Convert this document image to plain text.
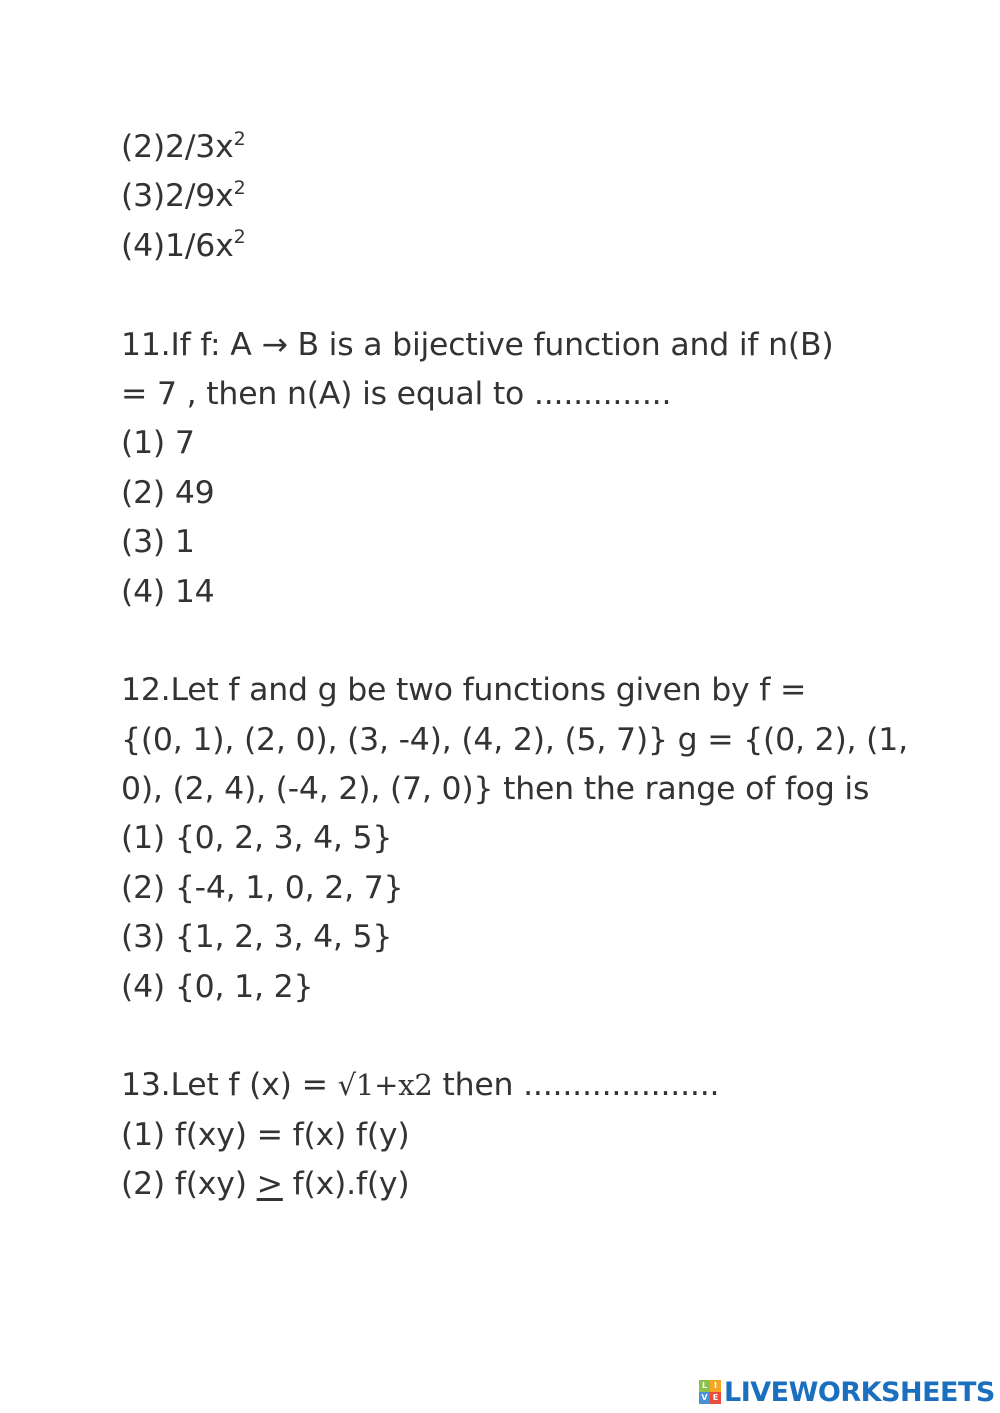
$(2)2/3x^2$
$(3)2/9x^2$
$(4)1/6x^2$
11.If f: A → B is a bijective function and if n(B)
= 7 , then n(A) is equal to ..............
(1) 7
(2) 49
(3) 1
(4) 14
12.Let f and g be two functions given by f =
{(0, 1), (2, 0), (3, -4), (4, 2), (5, 7)} g = {(0, 2), (1,
0), (2, 4), (-4, 2), (7, 0)} then the range of fog is
(1) {0, 2, 3, 4, 5}
(2) {-4, 1, 0, 2, 7}
(3) {1, 2, 3, 4, 5}
(4) {0, 1, 2}
13.Let f (x) = √1+x2 then ....................
(1) f(xy) = f(x) f(y)
(2) f(xy) ≥ f(x).f(y)
L I
V E LIVEWORKSHEETS
